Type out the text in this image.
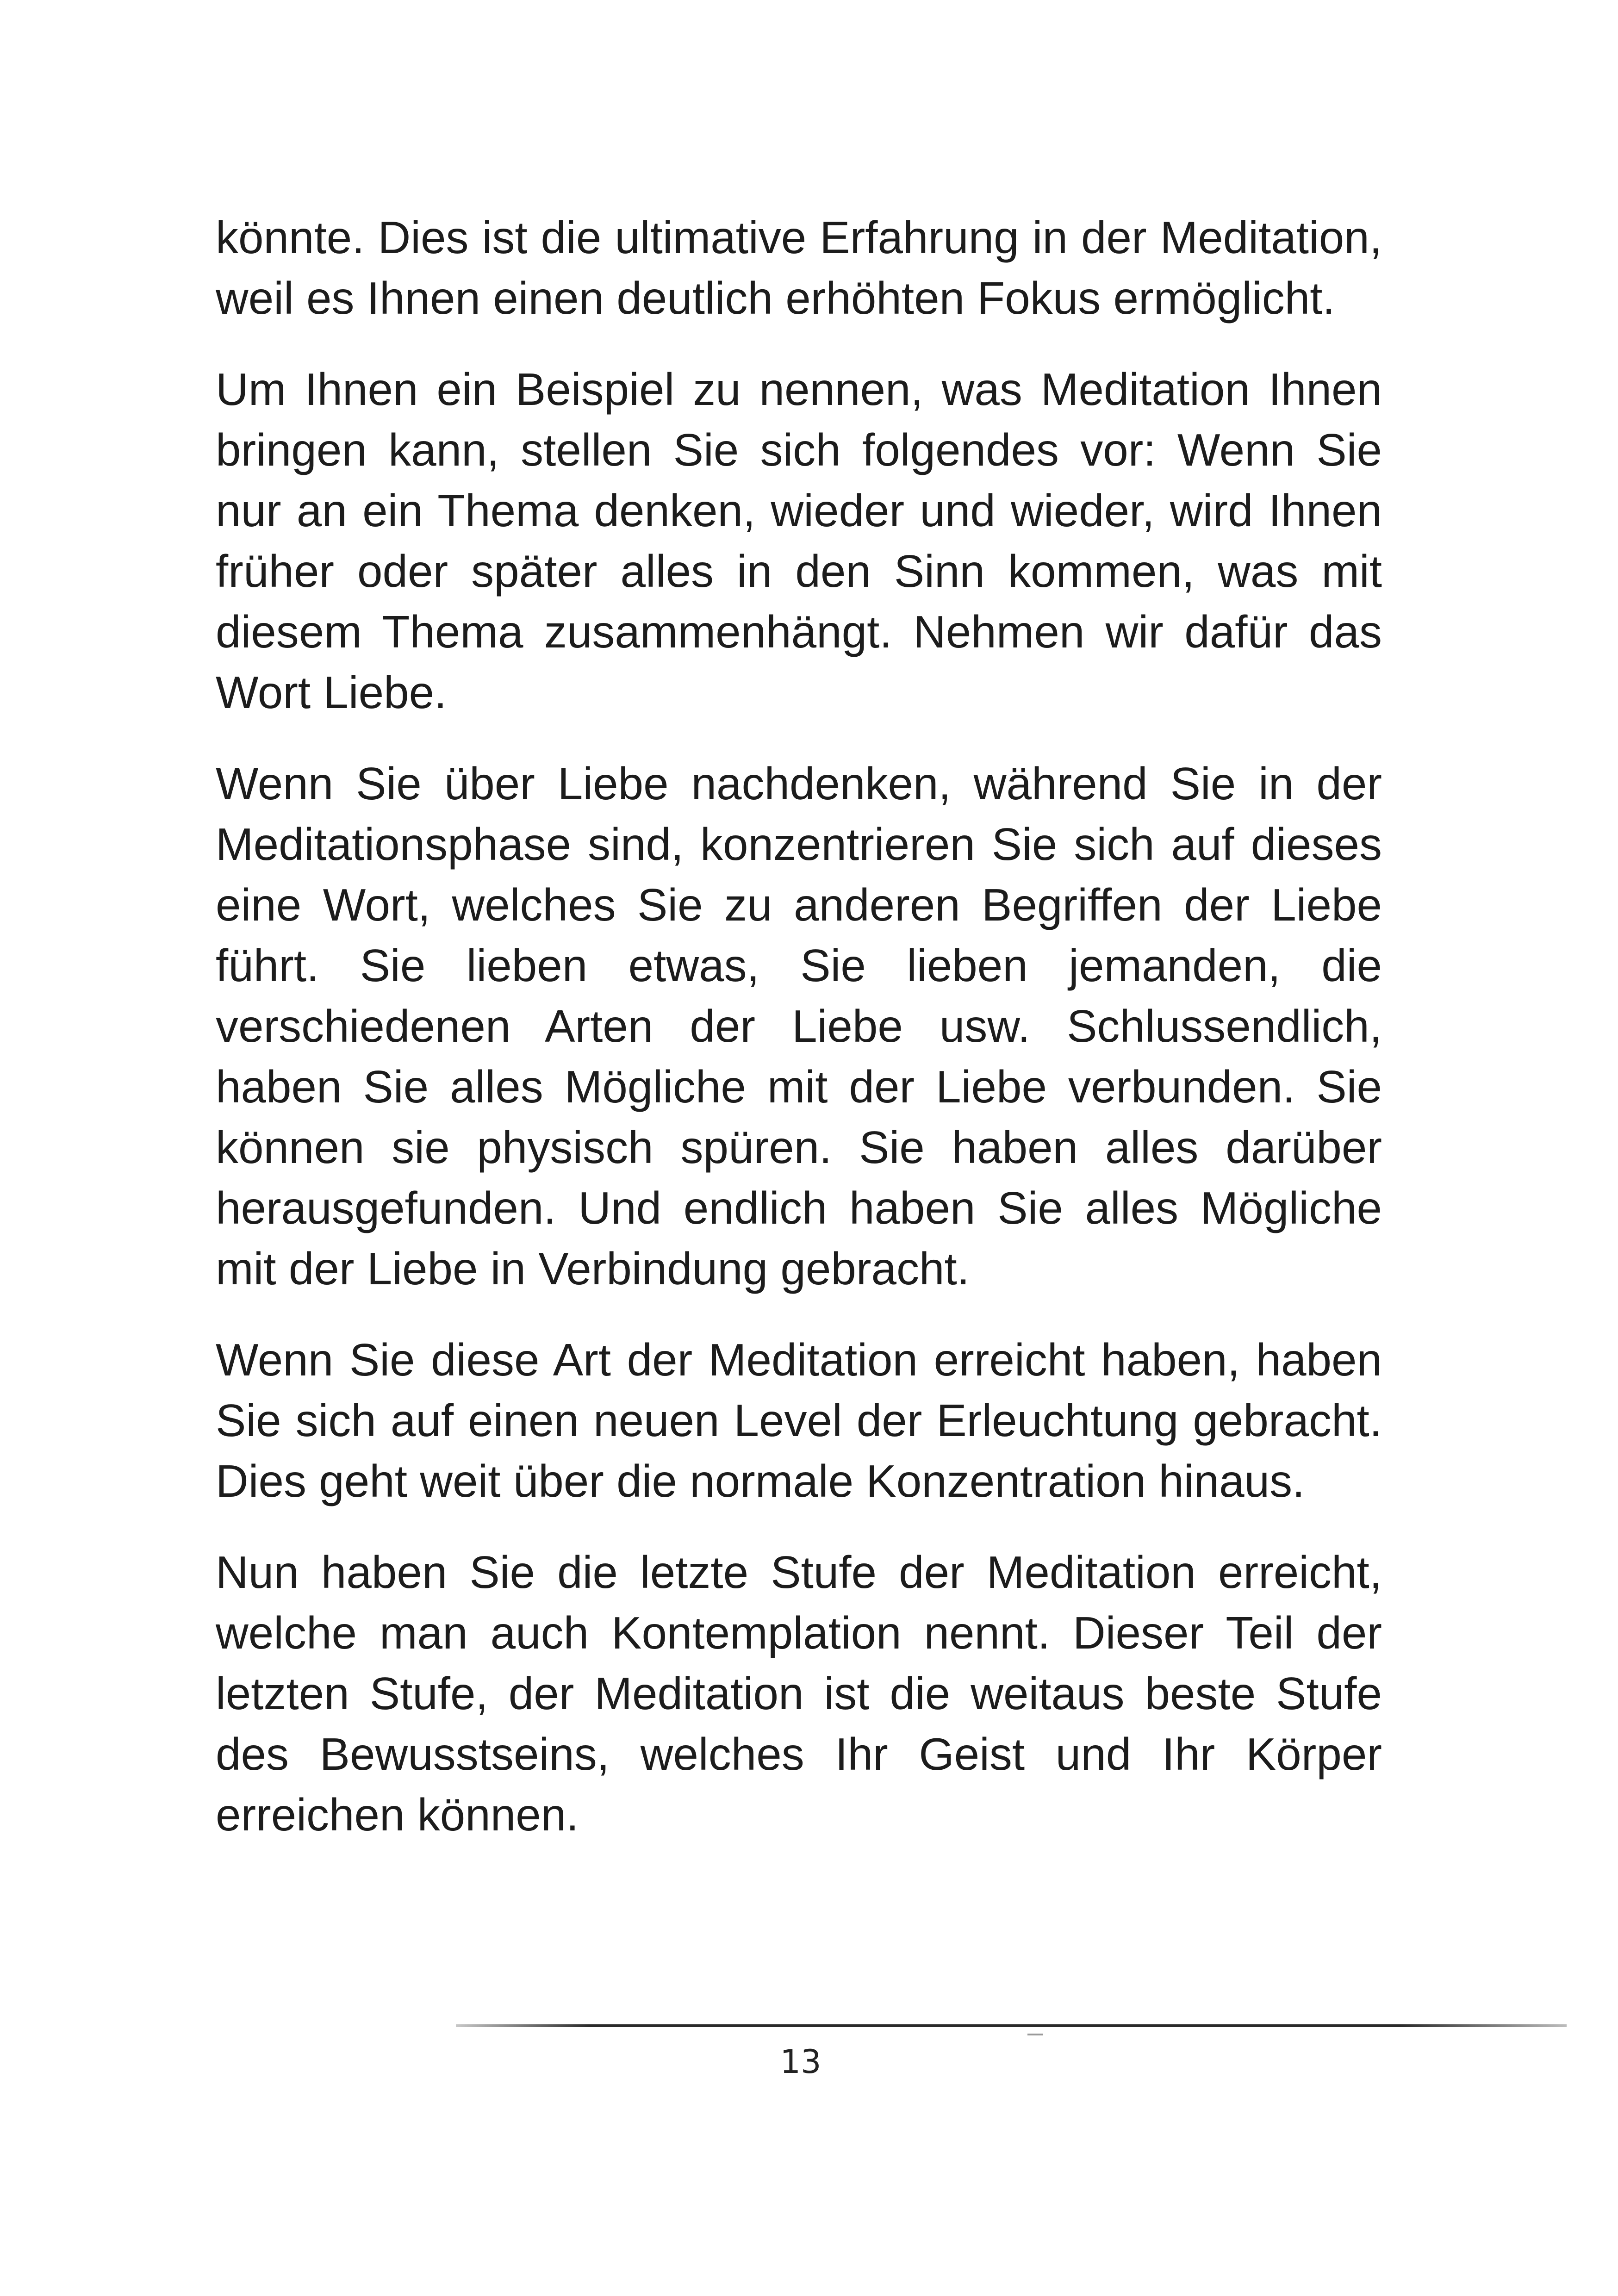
könnte. Dies ist die ultimative Erfahrung in der Meditation, weil es Ihnen einen deutlich erhöhten Fokus ermöglicht.

Um Ihnen ein Beispiel zu nennen, was Meditation Ihnen bringen kann, stellen Sie sich folgendes vor: Wenn Sie nur an ein Thema denken, wieder und wieder, wird Ihnen früher oder später alles in den Sinn kommen, was mit diesem Thema zusammenhängt. Nehmen wir dafür das Wort Liebe.

Wenn Sie über Liebe nachdenken, während Sie in der Meditationsphase sind, konzentrieren Sie sich auf dieses eine Wort, welches Sie zu anderen Begriffen der Liebe führt. Sie lieben etwas, Sie lieben jemanden, die verschiedenen Arten der Liebe usw. Schlussendlich, haben Sie alles Mögliche mit der Liebe verbunden. Sie können sie physisch spüren. Sie haben alles darüber herausgefunden. Und endlich haben Sie alles Mögliche mit der Liebe in Verbindung gebracht.

Wenn Sie diese Art der Meditation erreicht haben, haben Sie sich auf einen neuen Level der Erleuchtung gebracht. Dies geht weit über die normale Konzentration hinaus.

Nun haben Sie die letzte Stufe der Meditation erreicht, welche man auch Kontemplation nennt. Dieser Teil der letzten Stufe, der Meditation ist die weitaus beste Stufe des Bewusstseins, welches Ihr Geist und Ihr Körper erreichen können.

13
